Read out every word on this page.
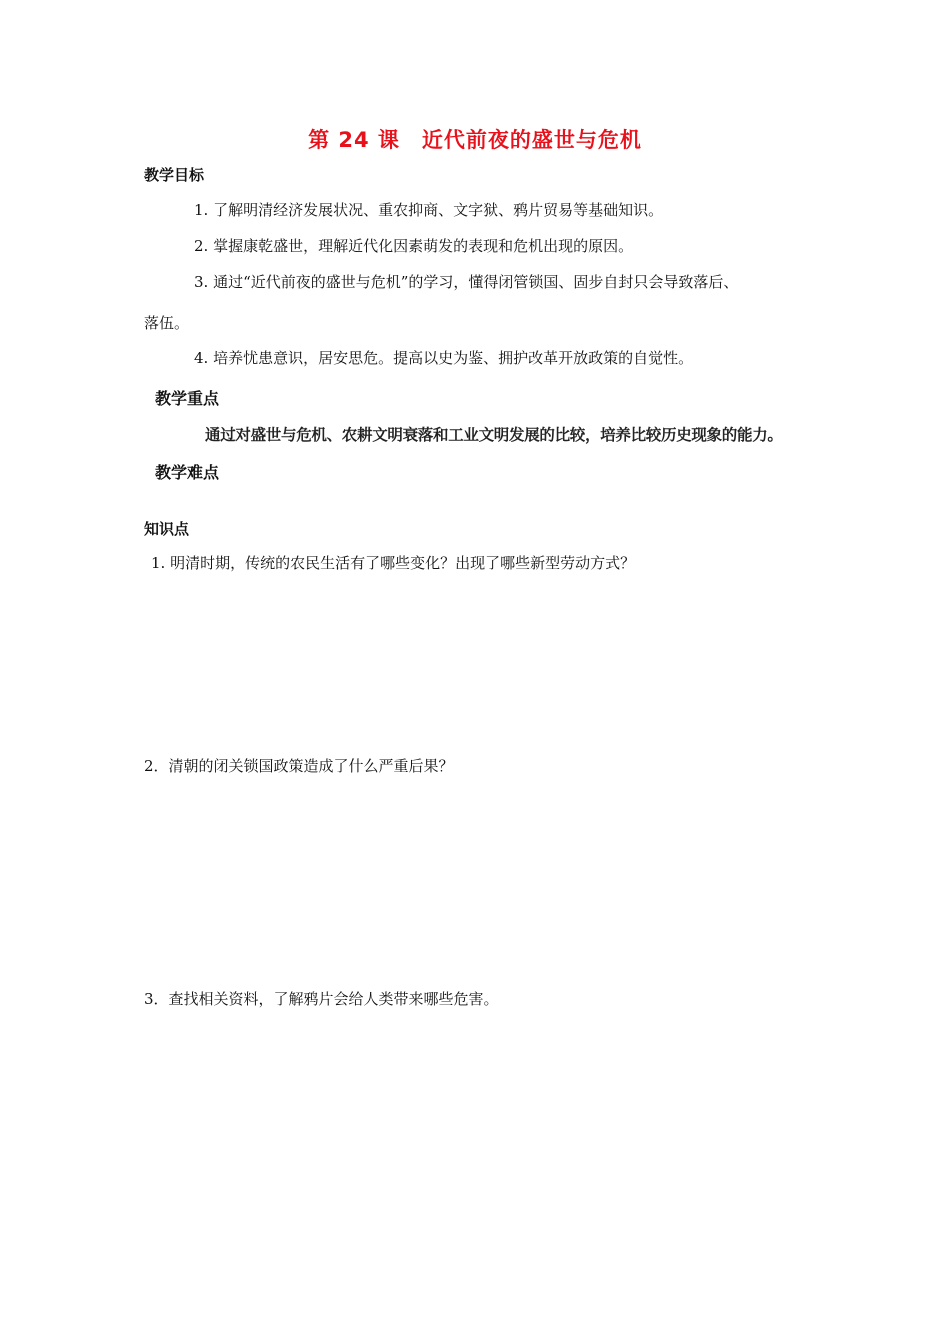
第 24 课　近代前夜的盛世与危机
教学目标
1. 了解明清经济发展状况、重农抑商、文字狱、鸦片贸易等基础知识。
2. 掌握康乾盛世，理解近代化因素萌发的表现和危机出现的原因。
3. 通过“近代前夜的盛世与危机”的学习，懂得闭管锁国、固步自封只会导致落后、
落伍。
4. 培养忧患意识，居安思危。提高以史为鉴、拥护改革开放政策的自觉性。
教学重点
通过对盛世与危机、农耕文明衰落和工业文明发展的比较，培养比较历史现象的能力。
教学难点
知识点
1. 明清时期，传统的农民生活有了哪些变化？出现了哪些新型劳动方式？
2．清朝的闭关锁国政策造成了什么严重后果？
3．查找相关资料，了解鸦片会给人类带来哪些危害。
